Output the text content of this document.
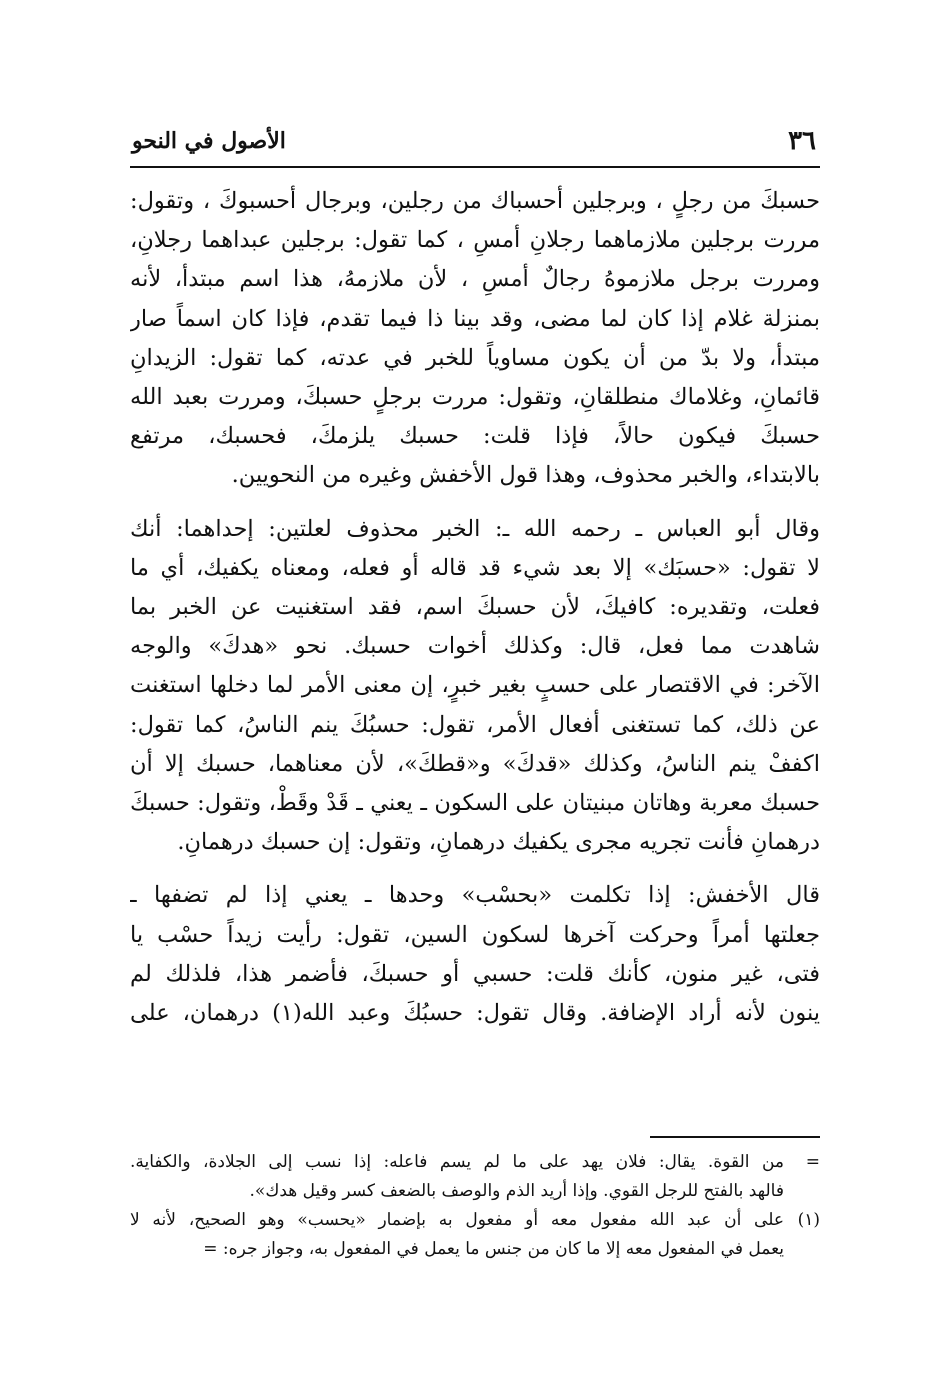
٣٦
الأصول في النحو

حسبكَ من رجلٍ ، وبرجلين أحسباك من رجلين، وبرجال أحسبوكَ ، وتقول:
مررت برجلين ملازماهما رجلانِ أمسِ ، كما تقول: برجلين عبداهما رجلانِ،
ومررت برجل ملازموهُ رجالٌ أمسِ ، لأن ملازمهُ، هذا اسم مبتدأ، لأنه
بمنزلة غلام إذا كان لما مضى، وقد بينا ذا فيما تقدم، فإذا كان اسماً صار
مبتدأ، ولا بدّ من أن يكون مساوياً للخبر في عدته، كما تقول: الزيدانِ
قائمانِ، وغلاماك منطلقانِ، وتقول: مررت برجلٍ حسبكَ، ومررت بعبد الله
حسبكَ فيكون حالاً، فإذا قلت: حسبك يلزمكَ، فحسبك، مرتفع
بالابتداء، والخبر محذوف، وهذا قول الأخفش وغيره من النحويين.

وقال أبو العباس ـ رحمه الله ـ: الخبر محذوف لعلتين: إحداهما: أنك
لا تقول: «حسبَك» إلا بعد شيء قد قاله أو فعله، ومعناه يكفيك، أي ما
فعلت، وتقديره: كافيكَ، لأن حسبكَ اسم، فقد استغنيت عن الخبر بما
شاهدت مما فعل، قال: وكذلك أخوات حسبك. نحو «هدكَ» والوجه
الآخر: في الاقتصار على حسبٍ بغير خبرٍ، إن معنى الأمر لما دخلها استغنت
عن ذلك، كما تستغنى أفعال الأمر، تقول: حسبُكَ ينم الناسُ، كما تقول:
اكففْ ينم الناسُ، وكذلك «قدكَ» و«قطكَ»، لأن معناهما، حسبك إلا أن
حسبك معربة وهاتان مبنيتان على السكون ـ يعني ـ قَدْ وقَطْ، وتقول: حسبكَ
درهمانِ فأنت تجريه مجرى يكفيك درهمانِ، وتقول: إن حسبك درهمانِ.

قال الأخفش: إذا تكلمت «بحسْب» وحدها ـ يعني إذا لم تضفها ـ
جعلتها أمراً وحركت آخرها لسكون السين، تقول: رأيت زيداً حسْب يا
فتى، غير منون، كأنك قلت: حسبي أو حسبكَ، فأضمر هذا، فلذلك لم
ينون لأنه أراد الإضافة. وقال تقول: حسبُكَ وعبد الله(١) درهمان، على

=
من القوة. يقال: فلان يهد على ما لم يسم فاعله: إذا نسب إلى الجلادة، والكفاية.
فالهد بالفتح للرجل القوي. وإذا أريد الذم والوصف بالضعف كسر وقيل هدك».
(١)
على أن عبد الله مفعول معه أو مفعول به بإضمار «يحسب» وهو الصحيح، لأنه لا
يعمل في المفعول معه إلا ما كان من جنس ما يعمل في المفعول به، وجواز جره: =
